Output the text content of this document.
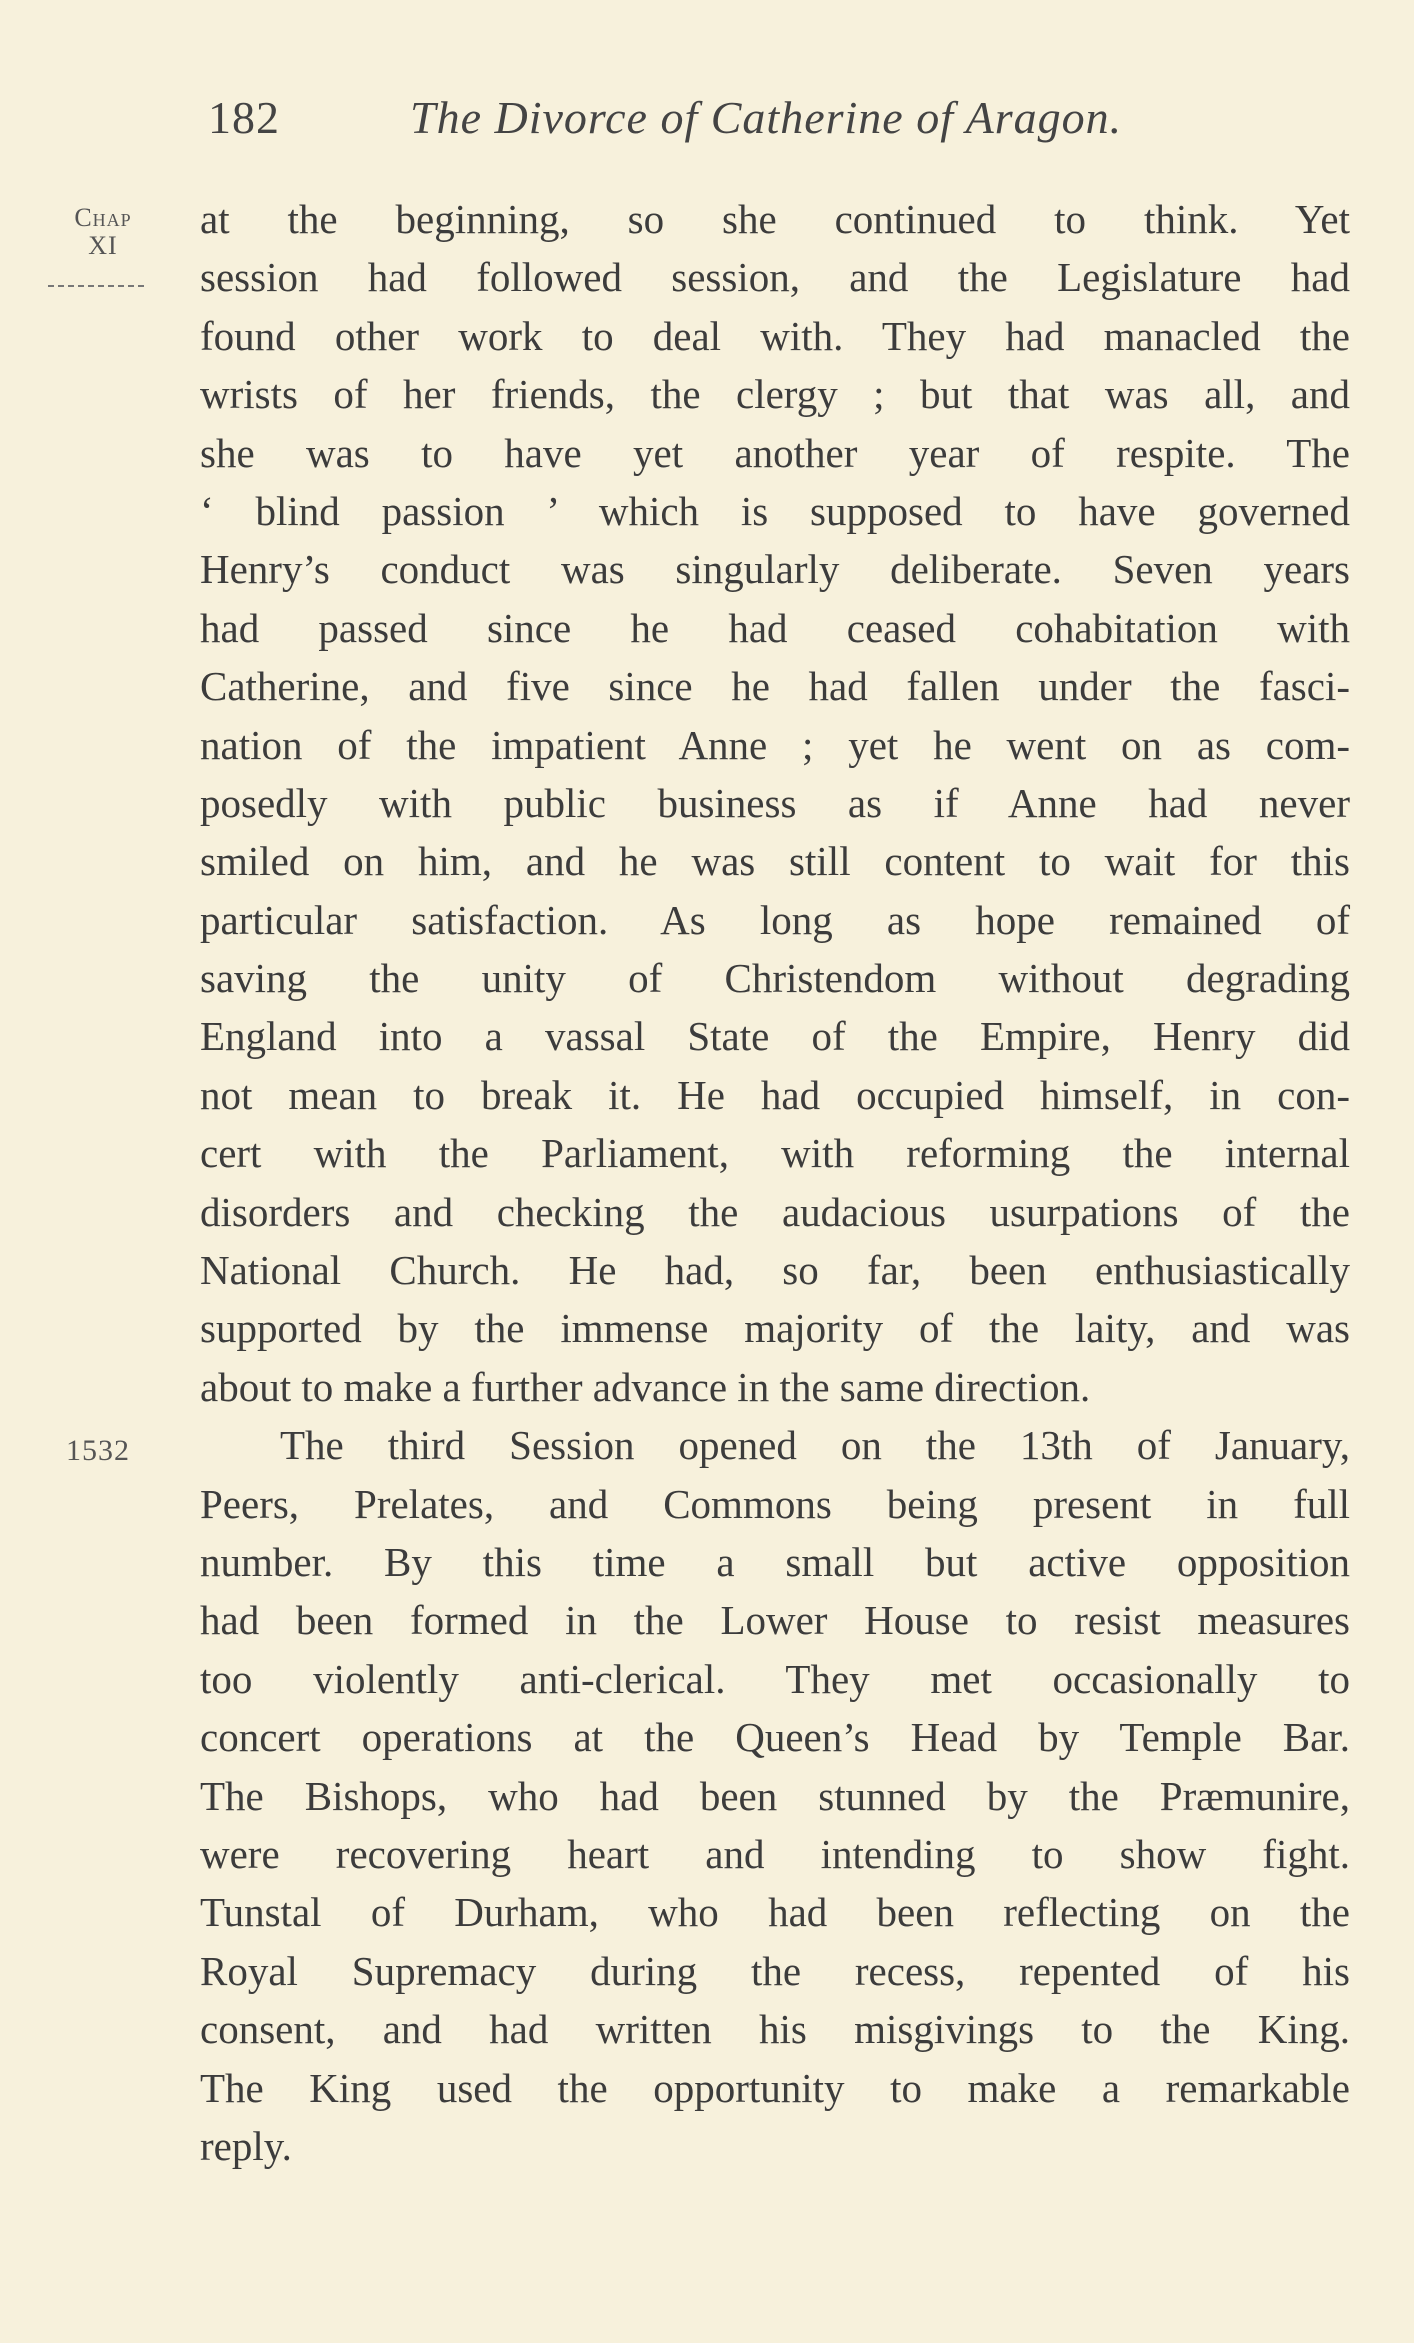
182	The Divorce of Catherine of Aragon.
Chap
XI
1532
at the beginning, so she continued to think. Yet
session had followed session, and the Legislature had
found other work to deal with. They had manacled the
wrists of her friends, the clergy ; but that was all, and
she was to have yet another year of respite. The
‘ blind passion ’ which is supposed to have governed
Henry’s conduct was singularly deliberate. Seven years
had passed since he had ceased cohabitation with
Catherine, and five since he had fallen under the fasci-
nation of the impatient Anne ; yet he went on as com-
posedly with public business as if Anne had never
smiled on him, and he was still content to wait for this
particular satisfaction. As long as hope remained of
saving the unity of Christendom without degrading
England into a vassal State of the Empire, Henry did
not mean to break it. He had occupied himself, in con-
cert with the Parliament, with reforming the internal
disorders and checking the audacious usurpations of the
National Church. He had, so far, been enthusiastically
supported by the immense majority of the laity, and was
about to make a further advance in the same direction.
The third Session opened on the 13th of January,
Peers, Prelates, and Commons being present in full
number. By this time a small but active opposition
had been formed in the Lower House to resist measures
too violently anti-clerical. They met occasionally to
concert operations at the Queen’s Head by Temple Bar.
The Bishops, who had been stunned by the Præmunire,
were recovering heart and intending to show fight.
Tunstal of Durham, who had been reflecting on the
Royal Supremacy during the recess, repented of his
consent, and had written his misgivings to the King.
The King used the opportunity to make a remarkable
reply.
